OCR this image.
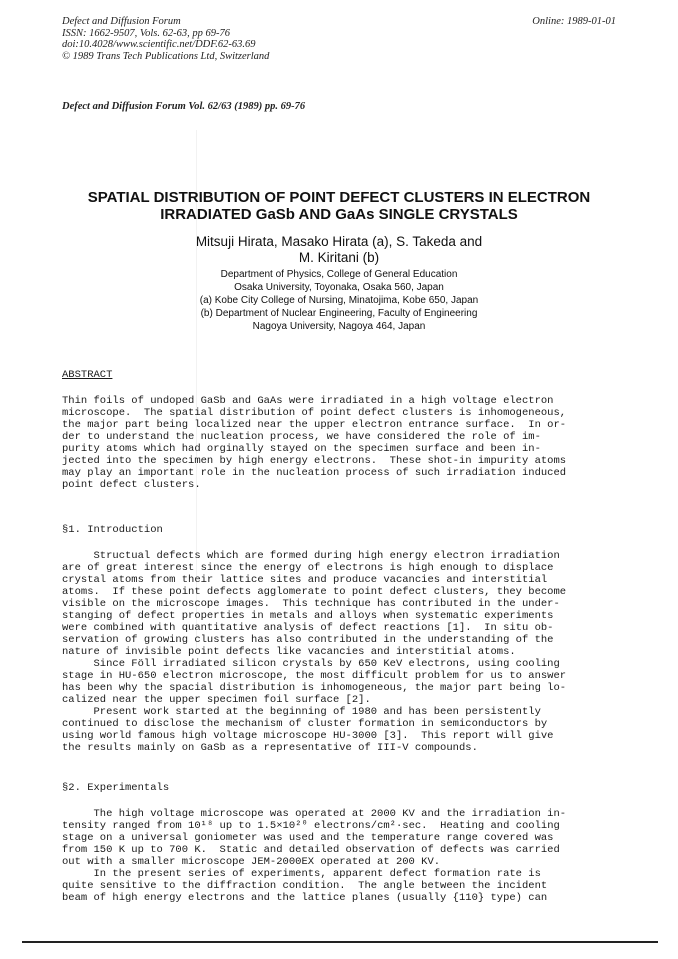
Defect and Diffusion Forum
ISSN: 1662-9507, Vols. 62-63, pp 69-76
doi:10.4028/www.scientific.net/DDF.62-63.69
© 1989 Trans Tech Publications Ltd, Switzerland
Online: 1989-01-01
Defect and Diffusion Forum Vol. 62/63 (1989) pp. 69-76
SPATIAL DISTRIBUTION OF POINT DEFECT CLUSTERS IN ELECTRON
IRRADIATED GaSb AND GaAs SINGLE CRYSTALS
Mitsuji Hirata, Masako Hirata (a), S. Takeda and
M. Kiritani (b)
Department of Physics, College of General Education
Osaka University, Toyonaka, Osaka 560, Japan
(a) Kobe City College of Nursing, Minatojima, Kobe 650, Japan
(b) Department of Nuclear Engineering, Faculty of Engineering
Nagoya University, Nagoya 464, Japan
ABSTRACT
Thin foils of undoped GaSb and GaAs were irradiated in a high voltage electron
microscope.  The spatial distribution of point defect clusters is inhomogeneous,
the major part being localized near the upper electron entrance surface.  In or-
der to understand the nucleation process, we have considered the role of im-
purity atoms which had orginally stayed on the specimen surface and been in-
jected into the specimen by high energy electrons.  These shot-in impurity atoms
may play an important role in the nucleation process of such irradiation induced
point defect clusters.
§1. Introduction
Structual defects which are formed during high energy electron irradiation
are of great interest since the energy of electrons is high enough to displace
crystal atoms from their lattice sites and produce vacancies and interstitial
atoms.  If these point defects agglomerate to point defect clusters, they become
visible on the microscope images.  This technique has contributed in the under-
stanging of defect properties in metals and alloys when systematic experiments
were combined with quantitative analysis of defect reactions [1].  In situ ob-
servation of growing clusters has also contributed in the understanding of the
nature of invisible point defects like vacancies and interstitial atoms.
Since Föll irradiated silicon crystals by 650 KeV electrons, using cooling
stage in HU-650 electron microscope, the most difficult problem for us to answer
has been why the spacial distribution is inhomogeneous, the major part being lo-
calized near the upper specimen foil surface [2].
Present work started at the beginning of 1980 and has been persistently
continued to disclose the mechanism of cluster formation in semiconductors by
using world famous high voltage microscope HU-3000 [3].  This report will give
the results mainly on GaSb as a representative of III-V compounds.
§2. Experimentals
The high voltage microscope was operated at 2000 KV and the irradiation in-
tensity ranged from 10¹⁸ up to 1.5×10²⁰ electrons/cm²·sec.  Heating and cooling
stage on a universal goniometer was used and the temperature range covered was
from 150 K up to 700 K.  Static and detailed observation of defects was carried
out with a smaller microscope JEM-2000EX operated at 200 KV.
In the present series of experiments, apparent defect formation rate is
quite sensitive to the diffraction condition.  The angle between the incident
beam of high energy electrons and the lattice planes (usually {110} type) can
